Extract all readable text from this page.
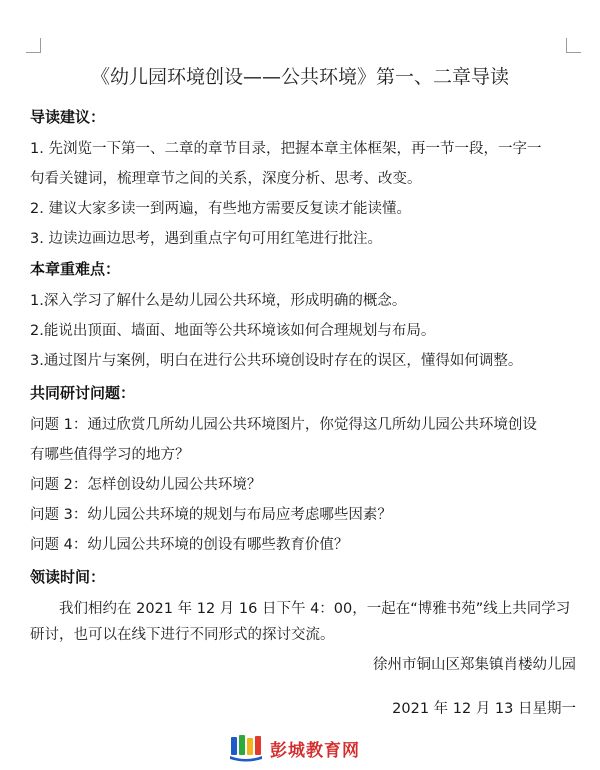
《幼儿园环境创设——公共环境》第一、二章导读
导读建议：
1. 先浏览一下第一、二章的章节目录，把握本章主体框架，再一节一段，一字一
句看关键词，梳理章节之间的关系，深度分析、思考、改变。
2. 建议大家多读一到两遍，有些地方需要反复读才能读懂。
3. 边读边画边思考，遇到重点字句可用红笔进行批注。
本章重难点：
1.深入学习了解什么是幼儿园公共环境，形成明确的概念。
2.能说出顶面、墙面、地面等公共环境该如何合理规划与布局。
3.通过图片与案例，明白在进行公共环境创设时存在的误区，懂得如何调整。
共同研讨问题：
问题 1：通过欣赏几所幼儿园公共环境图片，你觉得这几所幼儿园公共环境创设
有哪些值得学习的地方？
问题 2：怎样创设幼儿园公共环境？
问题 3：幼儿园公共环境的规划与布局应考虑哪些因素？
问题 4：幼儿园公共环境的创设有哪些教育价值？
领读时间：
我们相约在 2021 年 12 月 16 日下午 4：00，一起在“博雅书苑”线上共同学习研讨，也可以在线下进行不同形式的探讨交流。
徐州市铜山区郑集镇肖楼幼儿园
2021 年 12 月 13 日星期一
彭城教育网
